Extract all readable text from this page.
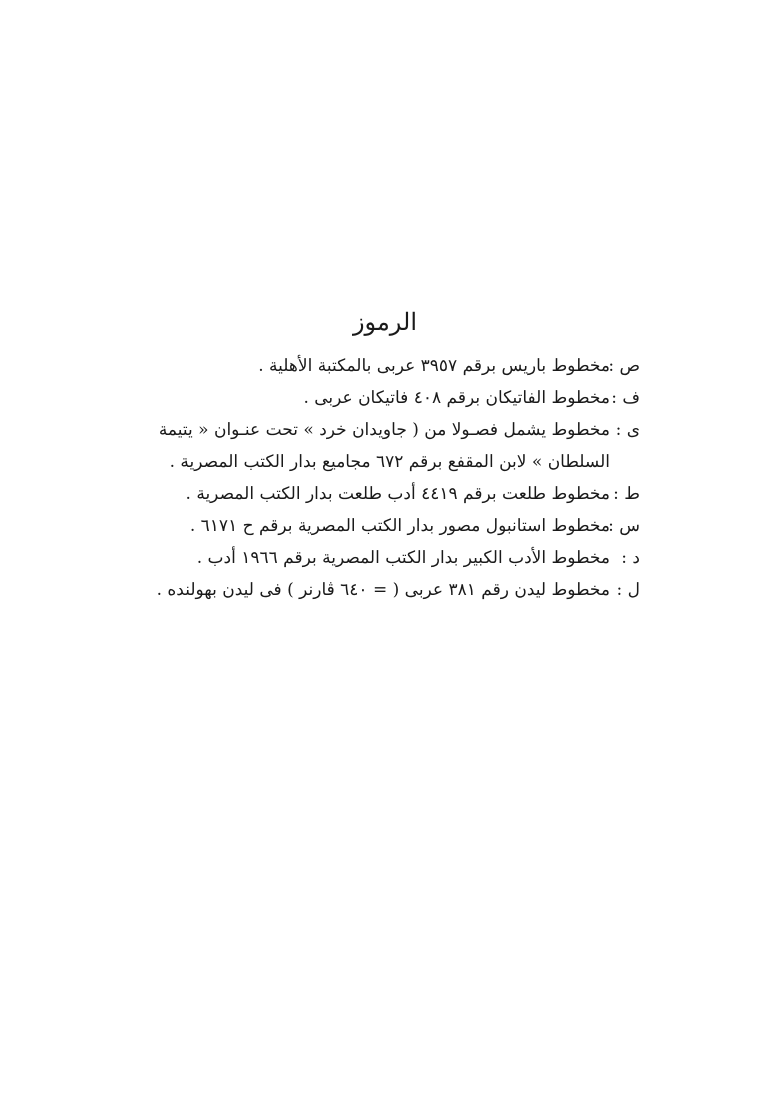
الرموز
ص :
مخطوط باريس برقم ٣٩٥٧ عربى بالمكتبة الأهلية .
ف :
مخطوط الفاتيكان برقم ٤٠٨ فاتيكان عربى .
ى :
مخطوط يشمل فصـولا من ( جاويدان خرد » تحت عنـوان « يتيمة
السلطان » لابن المقفع برقم ٦٧٢ مجاميع بدار الكتب المصرية .
ط :
مخطوط طلعت برقم ٤٤١٩ أدب طلعت بدار الكتب المصرية .
س :
مخطوط استانبول مصور بدار الكتب المصرية برقم ح ٦١٧١ .
د :
مخطوط الأدب الكبير بدار الكتب المصرية برقم ١٩٦٦ أدب .
ل :
مخطوط ليدن رقم ٣٨١ عربى ( = ٦٤٠ ڤارنر ) فى ليدن بهولنده .
